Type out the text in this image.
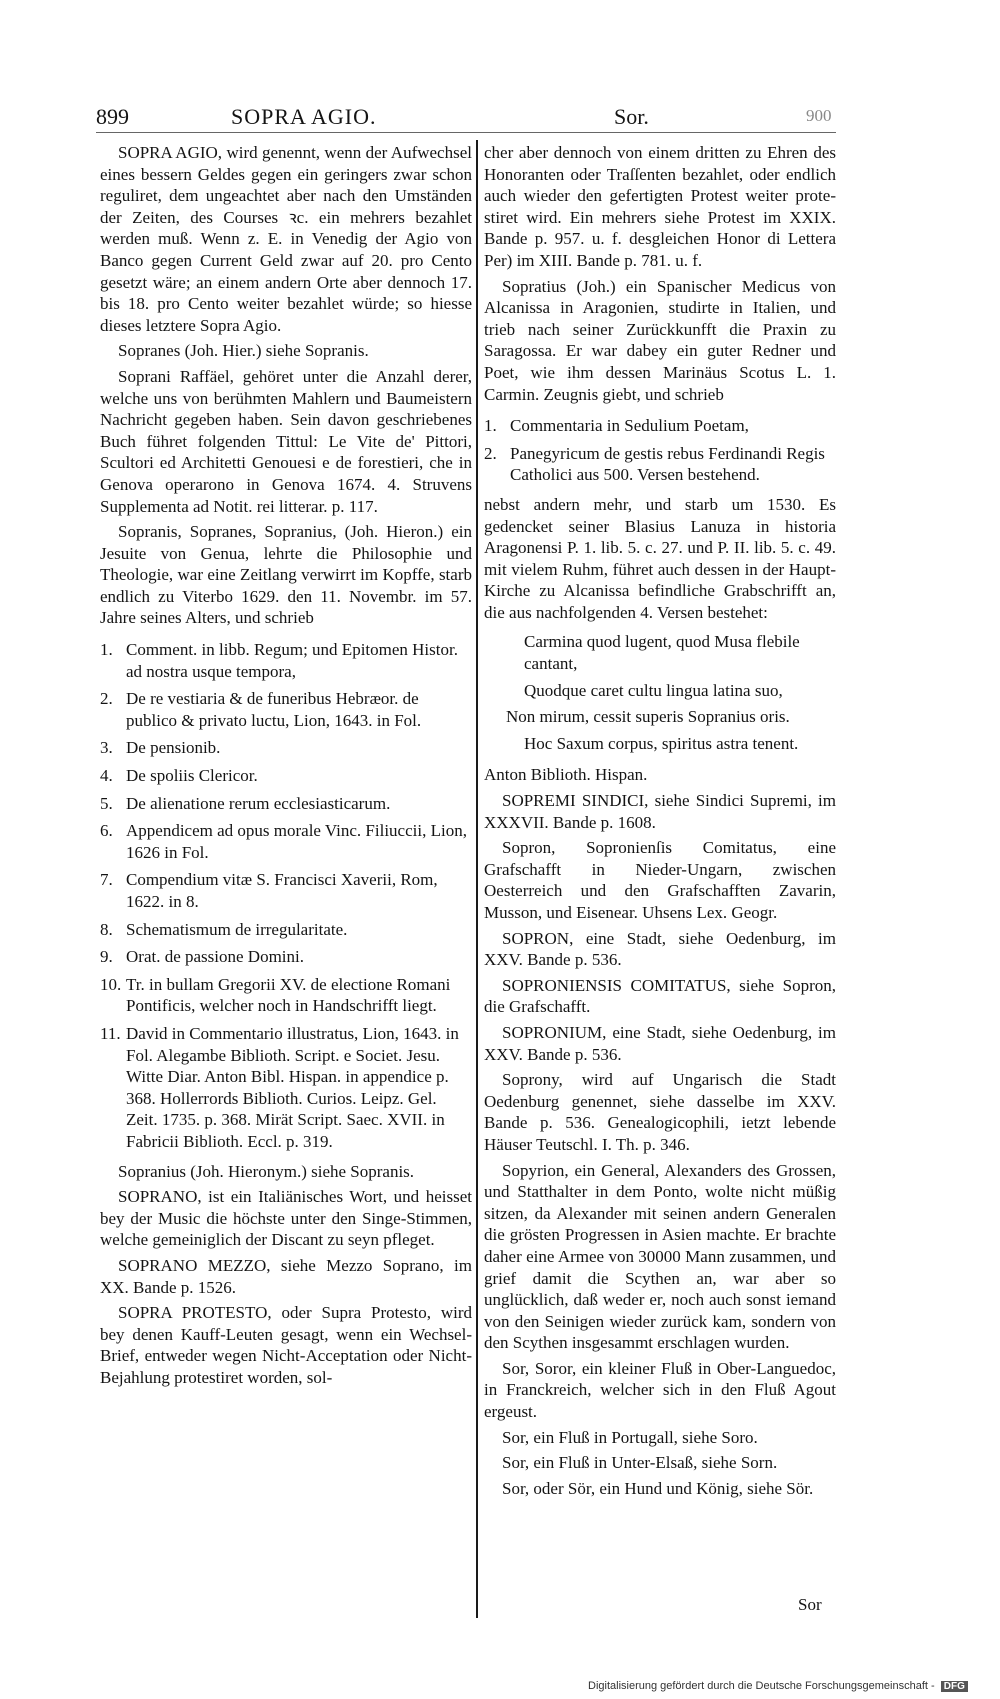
899	SOPRA AGIO.	Sor.	900

SOPRA AGIO, wird genennt, wenn der Aufwechsel eines bessern Geldes gegen ein geringers zwar schon reguliret, dem ungeachtet aber nach den Umständen der Zeiten, des Courses ꝛc. ein mehrers bezahlet werden muß. Wenn z. E. in Venedig der Agio von Banco gegen Current Geld zwar auf 20. pro Cento gesetzt wäre; an einem andern Orte aber dennoch 17. bis 18. pro Cento weiter bezahlet würde; so hiesse dieses letztere Sopra Agio.

Sopranes (Joh. Hier.) siehe Sopranis.

Soprani Raffäel, gehöret unter die Anzahl derer, welche uns von berühmten Mahlern und Baumeistern Nachricht gegeben haben. Sein davon geschriebenes Buch führet folgenden Tittul: Le Vite de' Pittori, Scultori ed Architetti Genouesi e de forestieri, che in Genova operarono in Genova 1674. 4. Struvens Supplementa ad Notit. rei litterar. p. 117.

Sopranis, Sopranes, Sopranius, (Joh. Hieron.) ein Jesuite von Genua, lehrte die Philosophie und Theologie, war eine Zeitlang verwirrt im Kopffe, starb endlich zu Viterbo 1629. den 11. Novembr. im 57. Jahre seines Alters, und schrieb

1. Comment. in libb. Regum; und Epitomen Histor. ad nostra usque tempora,
2. De re vestiaria & de funeribus Hebræor. de publico & privato luctu, Lion, 1643. in Fol.
3. De pensionib.
4. De spoliis Clericor.
5. De alienatione rerum ecclesiasticarum.
6. Appendicem ad opus morale Vinc. Filiuccii, Lion, 1626 in Fol.
7. Compendium vitæ S. Francisci Xaverii, Rom, 1622. in 8.
8. Schematismum de irregularitate.
9. Orat. de passione Domini.
10. Tr. in bullam Gregorii XV. de electione Romani Pontificis, welcher noch in Handschrifft liegt.
11. David in Commentario illustratus, Lion, 1643. in Fol. Alegambe Biblioth. Script. e Societ. Jesu. Witte Diar. Anton Bibl. Hispan. in appendice p. 368. Hollerrords Biblioth. Curios. Leipz. Gel. Zeit. 1735. p. 368. Mirät Script. Saec. XVII. in Fabricii Biblioth. Eccl. p. 319.

Sopranius (Joh. Hieronym.) siehe Sopranis.

SOPRANO, ist ein Italiänisches Wort, und heisset bey der Music die höchste unter den Singe-Stimmen, welche gemeiniglich der Discant zu seyn pfleget.

SOPRANO MEZZO, siehe Mezzo Soprano, im XX. Bande p. 1526.

SOPRA PROTESTO, oder Supra Protesto, wird bey denen Kauff-Leuten gesagt, wenn ein Wechsel-Brief, entweder wegen Nicht-Acceptation oder Nicht-Bejahlung protestiret worden, sol-

cher aber dennoch von einem dritten zu Ehren des Honoranten oder Traſſenten bezahlet, oder endlich auch wieder den gefertigten Protest weiter protestiret wird. Ein mehrers siehe Protest im XXIX. Bande p. 957. u. f. desgleichen Honor di Lettera Per) im XIII. Bande p. 781. u. f.

Sopratius (Joh.) ein Spanischer Medicus von Alcanissa in Aragonien, studirte in Italien, und trieb nach seiner Zurückkunfft die Praxin zu Saragossa. Er war dabey ein guter Redner und Poet, wie ihm dessen Marinäus Scotus L. 1. Carmin. Zeugnis giebt, und schrieb

1. Commentaria in Sedulium Poetam,
2. Panegyricum de gestis rebus Ferdinandi Regis Catholici aus 500. Versen bestehend.

nebst andern mehr, und starb um 1530. Es gedencket seiner Blasius Lanuza in historia Aragonensi P. 1. lib. 5. c. 27. und P. II. lib. 5. c. 49. mit vielem Ruhm, führet auch dessen in der Haupt-Kirche zu Alcanissa befindliche Grabschrifft an, die aus nachfolgenden 4. Versen bestehet:

Carmina quod lugent, quod Musa flebile cantant,

Quodque caret cultu lingua latina suo,

Non mirum, cessit superis Sopranius oris.

Hoc Saxum corpus, spiritus astra tenent.

Anton Biblioth. Hispan.

SOPREMI SINDICI, siehe Sindici Supremi, im XXXVII. Bande p. 1608.

Sopron, Sopronienſis Comitatus, eine Grafschafft in Nieder-Ungarn, zwischen Oesterreich und den Grafschafften Zavarin, Musson, und Eisenear. Uhsens Lex. Geogr.

SOPRON, eine Stadt, siehe Oedenburg, im XXV. Bande p. 536.

SOPRONIENSIS COMITATUS, siehe Sopron, die Grafschafft.

SOPRONIUM, eine Stadt, siehe Oedenburg, im XXV. Bande p. 536.

Soprony, wird auf Ungarisch die Stadt Oedenburg genennet, siehe dasselbe im XXV. Bande p. 536. Genealogicophili, ietzt lebende Häuser Teutschl. I. Th. p. 346.

Sopyrion, ein General, Alexanders des Grossen, und Statthalter in dem Ponto, wolte nicht müßig sitzen, da Alexander mit seinen andern Generalen die grösten Progressen in Asien machte. Er brachte daher eine Armee von 30000 Mann zusammen, und grief damit die Scythen an, war aber so unglücklich, daß weder er, noch auch sonst iemand von den Seinigen wieder zurück kam, sondern von den Scythen insgesammt erschlagen wurden.

Sor, Soror, ein kleiner Fluß in Ober-Languedoc, in Franckreich, welcher sich in den Fluß Agout ergeust.

Sor, ein Fluß in Portugall, siehe Soro.

Sor, ein Fluß in Unter-Elsaß, siehe Sorn.

Sor, oder Sör, ein Hund und König, siehe Sör.

Sor
Digitalisierung gefördert durch die Deutsche Forschungsgemeinschaft - DFG
